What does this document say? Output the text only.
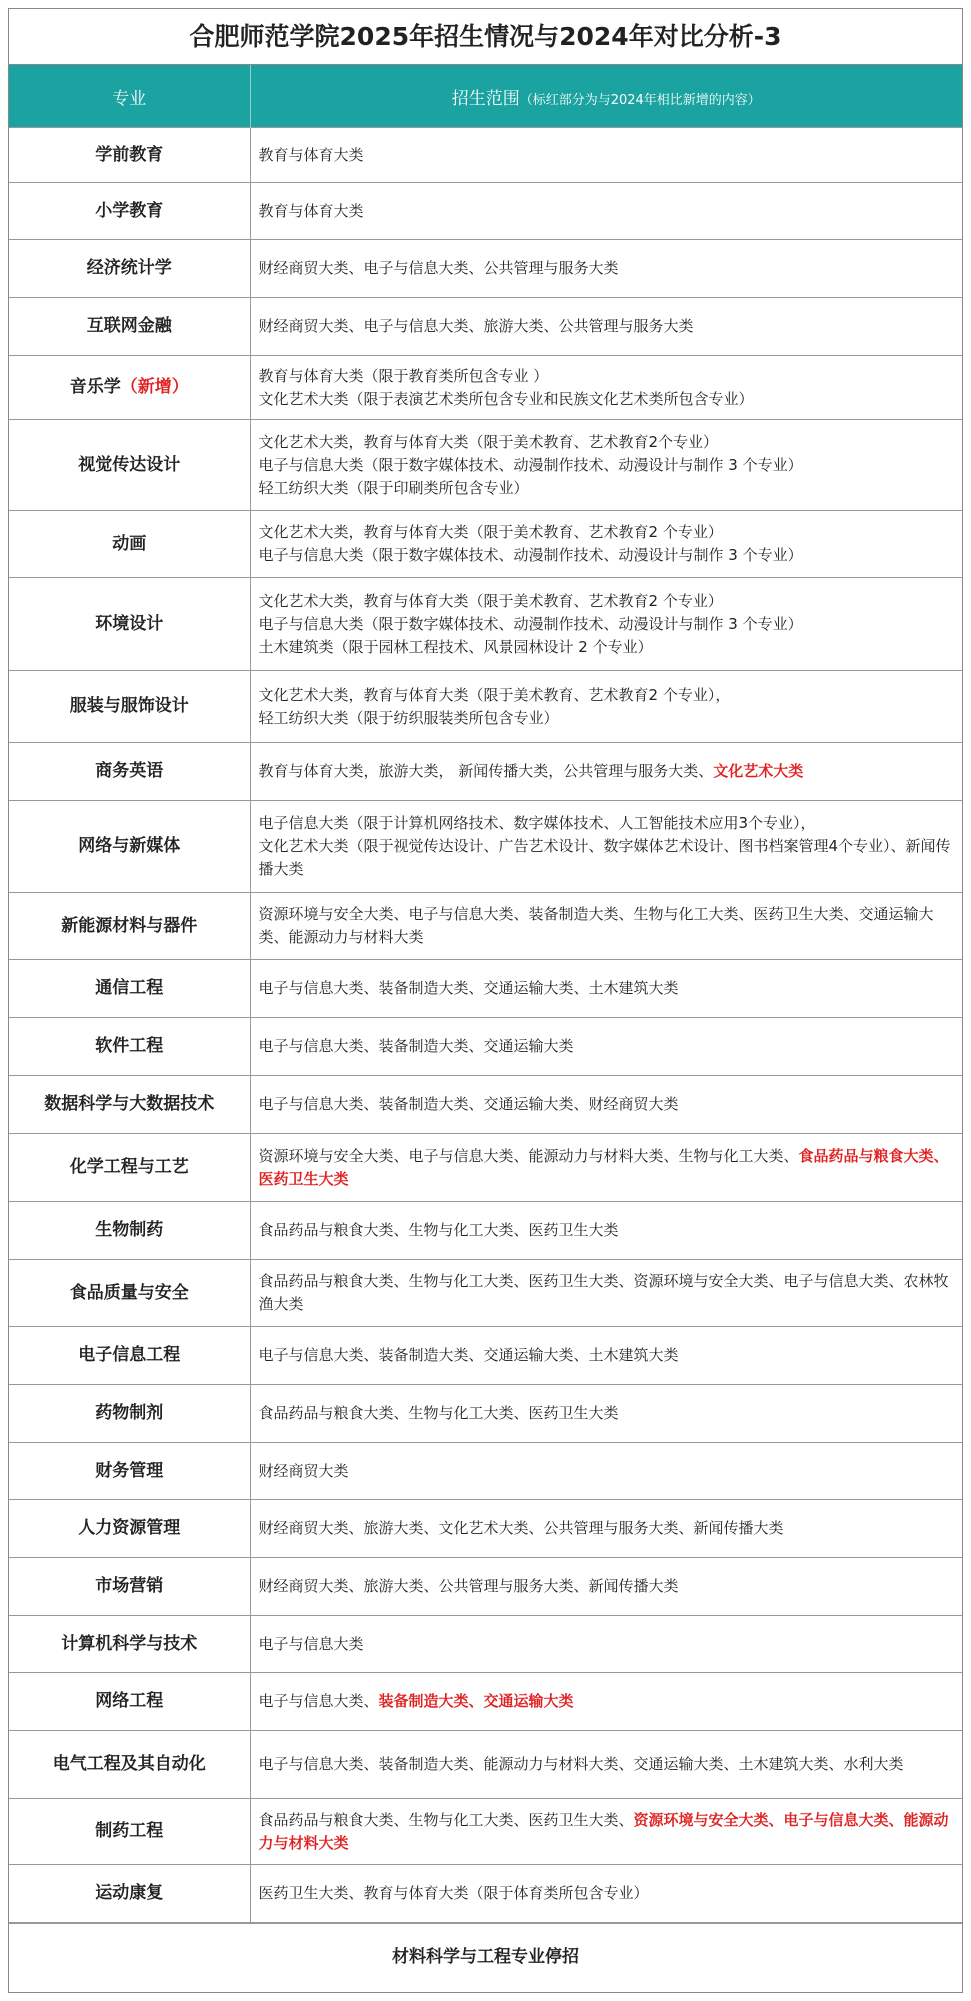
合肥师范学院2025年招生情况与2024年对比分析-3
专业	招生范围（标红部分为与2024年相比新增的内容）
学前教育	教育与体育大类

小学教育	教育与体育大类

经济统计学	财经商贸大类、电子与信息大类、公共管理与服务大类

互联网金融	财经商贸大类、电子与信息大类、旅游大类、公共管理与服务大类

音乐学（新增）	教育与体育大类（限于教育类所包含专业 ）
文化艺术大类（限于表演艺术类所包含专业和民族文化艺术类所包含专业）

视觉传达设计	文化艺术大类，教育与体育大类（限于美术教育、艺术教育2个专业）
电子与信息大类（限于数字媒体技术、动漫制作技术、动漫设计与制作 3 个专业）
轻工纺织大类（限于印刷类所包含专业）

动画	文化艺术大类，教育与体育大类（限于美术教育、艺术教育2 个专业）
电子与信息大类（限于数字媒体技术、动漫制作技术、动漫设计与制作 3 个专业）

环境设计	文化艺术大类，教育与体育大类（限于美术教育、艺术教育2 个专业）
电子与信息大类（限于数字媒体技术、动漫制作技术、动漫设计与制作 3 个专业）
土木建筑类（限于园林工程技术、风景园林设计 2 个专业）

服装与服饰设计	文化艺术大类，教育与体育大类（限于美术教育、艺术教育2 个专业），
轻工纺织大类（限于纺织服装类所包含专业）

商务英语	教育与体育大类，旅游大类， 新闻传播大类，公共管理与服务大类、文化艺术大类

网络与新媒体	电子信息大类（限于计算机网络技术、数字媒体技术、人工智能技术应用3个专业），
文化艺术大类（限于视觉传达设计、广告艺术设计、数字媒体艺术设计、图书档案管理4个专业）、新闻传播大类

新能源材料与器件	资源环境与安全大类、电子与信息大类、装备制造大类、生物与化工大类、医药卫生大类、交通运输大类、能源动力与材料大类

通信工程	电子与信息大类、装备制造大类、交通运输大类、土木建筑大类

软件工程	电子与信息大类、装备制造大类、交通运输大类

数据科学与大数据技术	电子与信息大类、装备制造大类、交通运输大类、财经商贸大类

化学工程与工艺	资源环境与安全大类、电子与信息大类、能源动力与材料大类、生物与化工大类、食品药品与粮食大类、医药卫生大类

生物制药	食品药品与粮食大类、生物与化工大类、医药卫生大类

食品质量与安全	食品药品与粮食大类、生物与化工大类、医药卫生大类、资源环境与安全大类、电子与信息大类、农林牧渔大类

电子信息工程	电子与信息大类、装备制造大类、交通运输大类、土木建筑大类

药物制剂	食品药品与粮食大类、生物与化工大类、医药卫生大类

财务管理	财经商贸大类

人力资源管理	财经商贸大类、旅游大类、文化艺术大类、公共管理与服务大类、新闻传播大类

市场营销	财经商贸大类、旅游大类、公共管理与服务大类、新闻传播大类

计算机科学与技术	电子与信息大类

网络工程	电子与信息大类、装备制造大类、交通运输大类

电气工程及其自动化	电子与信息大类、装备制造大类、能源动力与材料大类、交通运输大类、土木建筑大类、水利大类

制药工程	食品药品与粮食大类、生物与化工大类、医药卫生大类、资源环境与安全大类、电子与信息大类、能源动力与材料大类

运动康复	医药卫生大类、教育与体育大类（限于体育类所包含专业）
材料科学与工程专业停招
